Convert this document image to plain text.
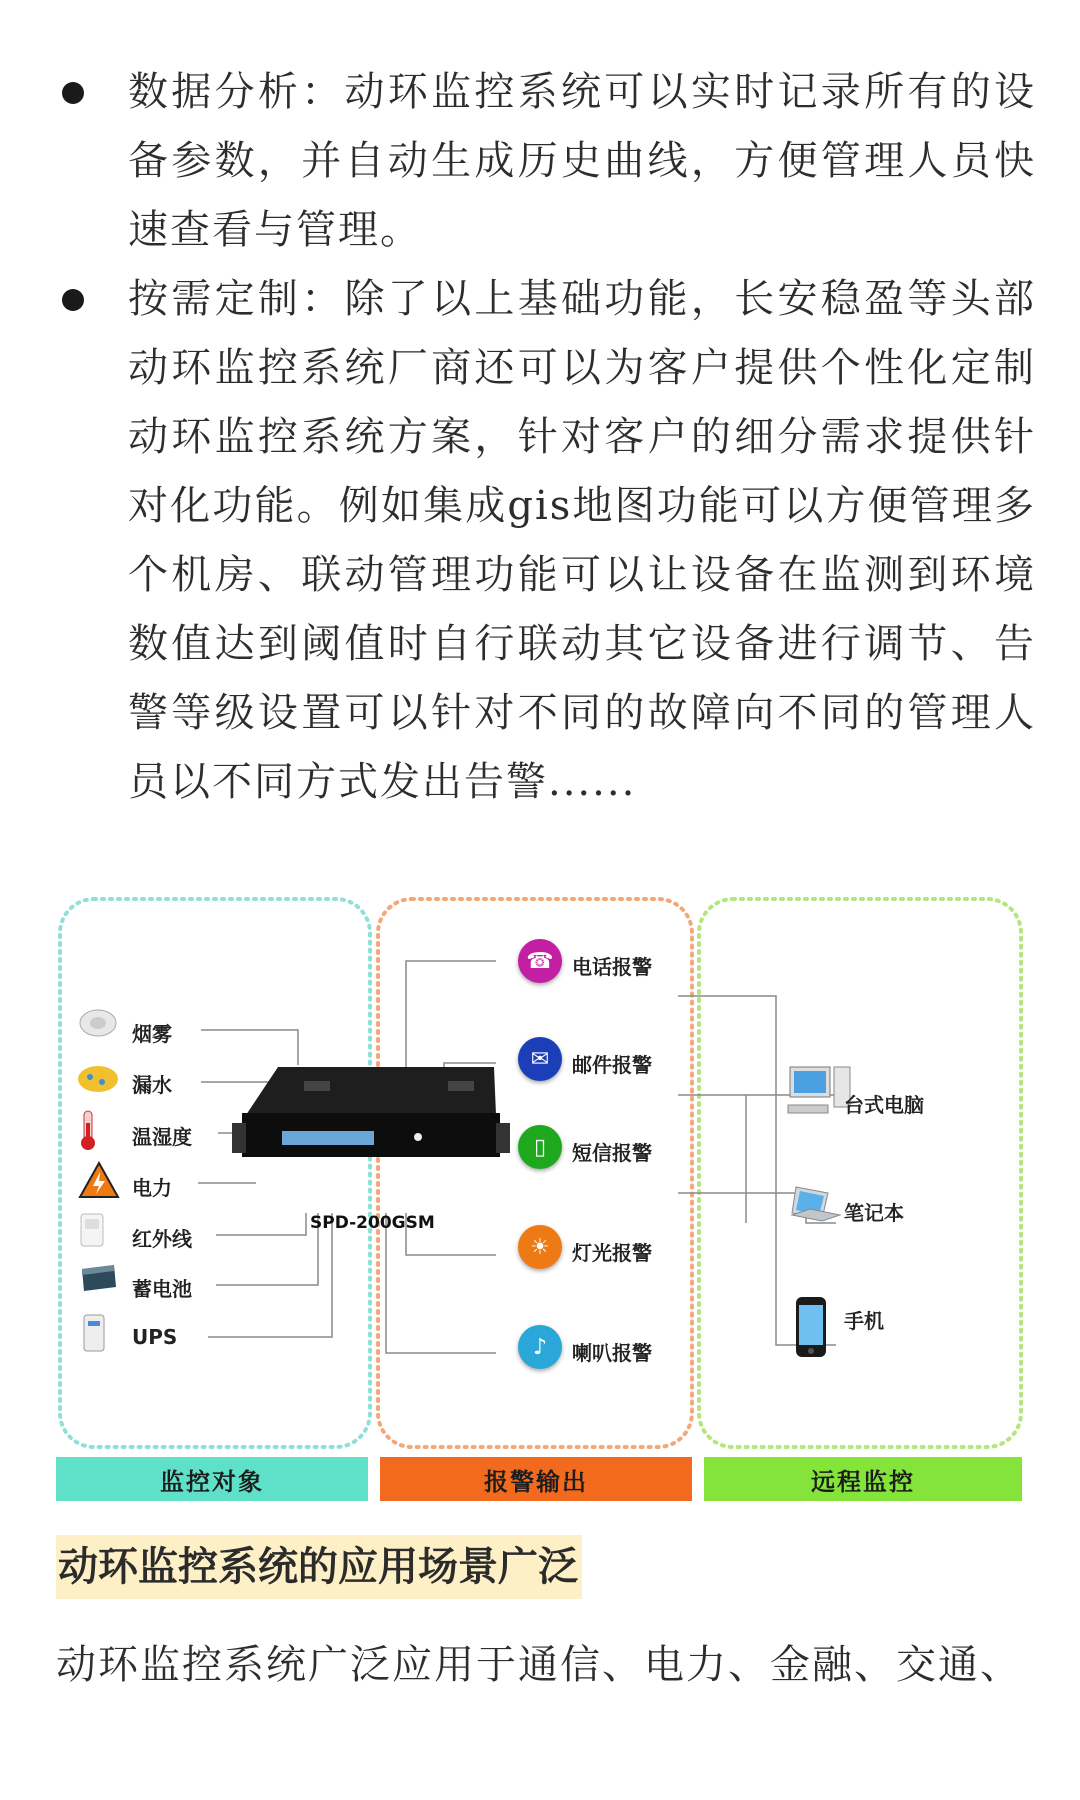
数据分析：动环监控系统可以实时记录所有的设备参数，并自动生成历史曲线，方便管理人员快速查看与管理。
按需定制：除了以上基础功能，长安稳盈等头部动环监控系统厂商还可以为客户提供个性化定制动环监控系统方案，针对客户的细分需求提供针对化功能。例如集成gis地图功能可以方便管理多个机房、联动管理功能可以让设备在监测到环境数值达到阈值时自行联动其它设备进行调节、告警等级设置可以针对不同的故障向不同的管理人员以不同方式发出告警......
烟雾
漏水
温湿度
电力
红外线
蓄电池
UPS
SPD-200GSM
☎ 电话报警
✉	邮件报警
▯	短信报警
☀	灯光报警
♪	喇叭报警
台式电脑
笔记本
手机
监控对象	报警输出	远程监控
动环监控系统的应用场景广泛
动环监控系统广泛应用于通信、电力、金融、交通、
